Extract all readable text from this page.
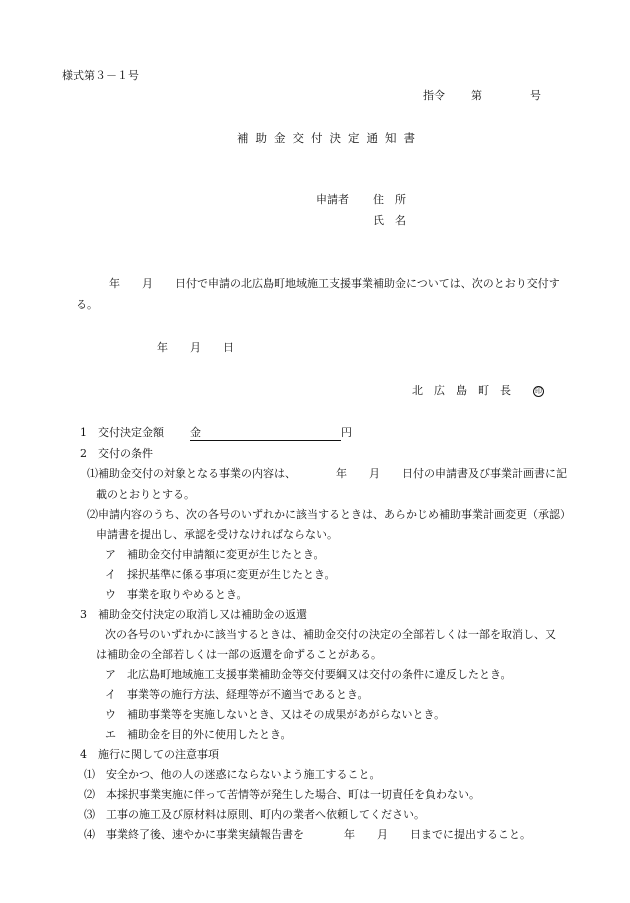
様式第３－１号
指令 第	号
補助金交付決定通知書
申請者 住　所
氏　名
年 月 日付で申請の北広島町地域施工支援事業補助金については、次のとおり交付す
る。
年 月 日
北　広　島　町　長	印
1　 交付決定金額 金	円
2　 交付の条件
⑴補助金交付の対象となる事業の内容は、	年 月 日付の申請書及び事業計画書に記
載のとおりとする。
⑵申請内容のうち、次の各号のいずれかに該当するときは、あらかじめ補助事業計画変更（承認）
申請書を提出し、承認を受けなければならない。
ア　補助金交付申請額に変更が生じたとき。
イ　採択基準に係る事項に変更が生じたとき。
ウ　事業を取りやめるとき。
3　 補助金交付決定の取消し又は補助金の返還
次の各号のいずれかに該当するときは、補助金交付の決定の全部若しくは一部を取消し、又
は補助金の全部若しくは一部の返還を命ずることがある。
ア　北広島町地域施工支援事業補助金等交付要綱又は交付の条件に違反したとき。
イ　事業等の施行方法、経理等が不適当であるとき。
ウ　補助事業等を実施しないとき、又はその成果があがらないとき。
エ　補助金を目的外に使用したとき。
4　 施行に関しての注意事項
⑴　安全かつ、他の人の迷惑にならないよう施工すること。
⑵　本採択事業実施に伴って苦情等が発生した場合、町は一切責任を負わない。
⑶　工事の施工及び原材料は原則、町内の業者へ依頼してください。
⑷　事業終了後、速やかに事業実績報告書を	年 月 日までに提出すること。
